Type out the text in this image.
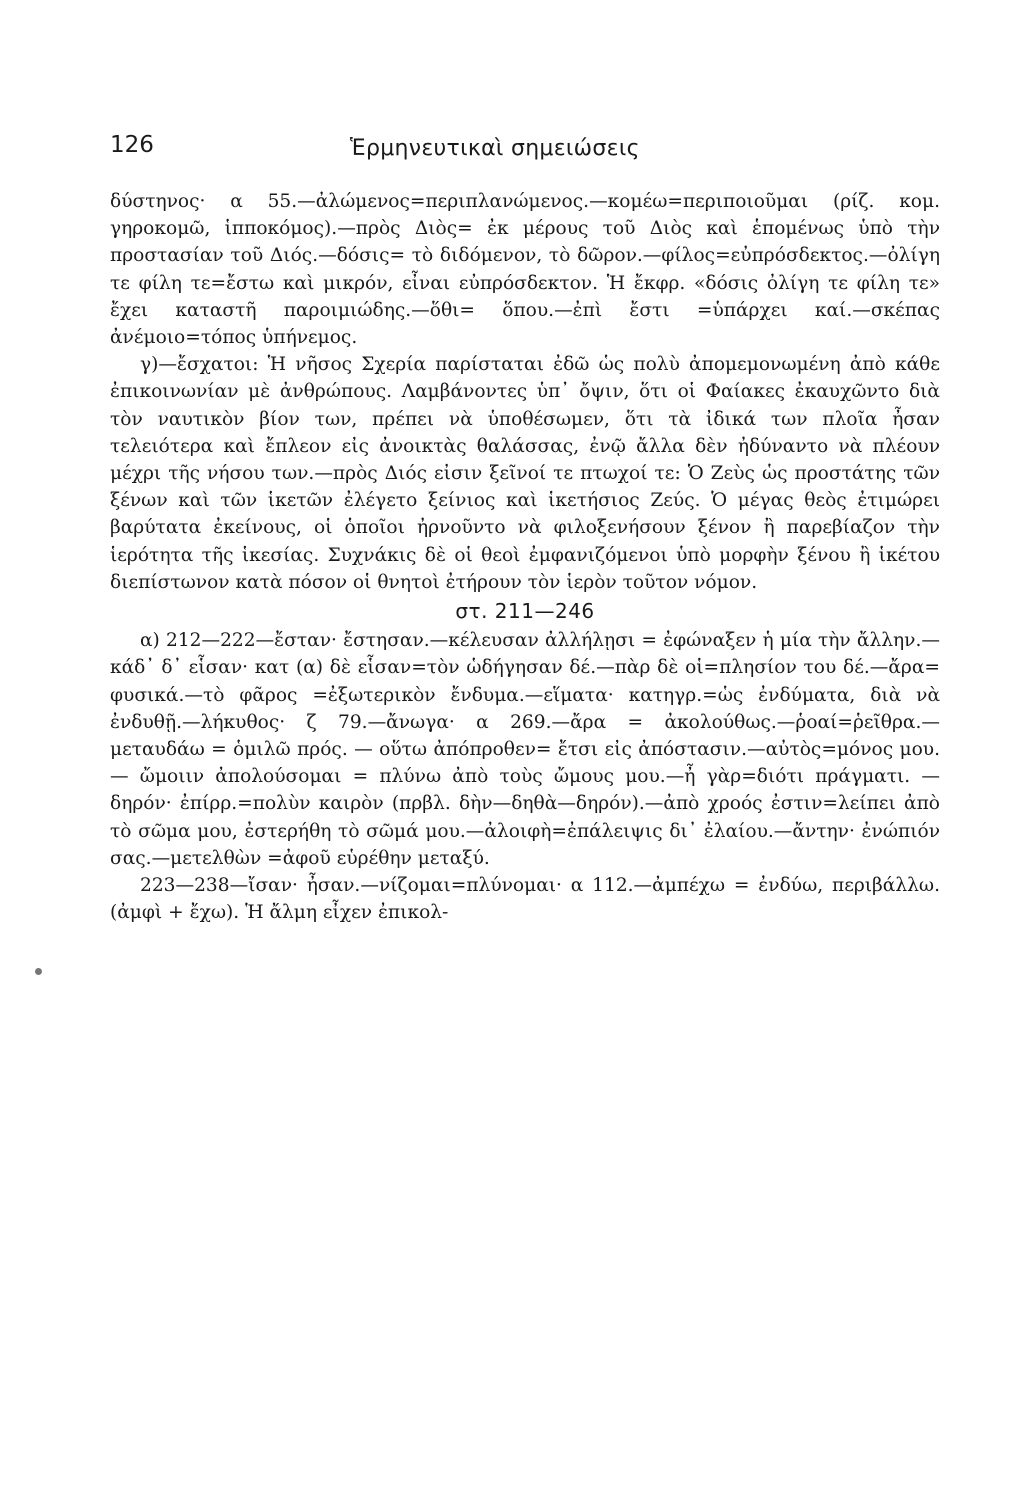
126	Ἑρμηνευτικαὶ σημειώσεις

δύστηνος· α 55.—ἀλώμενος=περιπλανώμενος.—κομέω=περιποιοῦμαι (ρίζ. κομ. γηροκομῶ, ἱπποκόμος).—πρὸς Διὸς= ἐκ μέρους τοῦ Διὸς καὶ ἑπομένως ὑπὸ τὴν προστασίαν τοῦ Διός.—δόσις= τὸ διδόμενον, τὸ δῶρον.—φίλος=εὐπρόσδεκτος.—ὀλίγη τε φίλη τε=ἔστω καὶ μικρόν, εἶναι εὐπρόσδεκτον. Ἡ ἔκφρ. «δόσις ὀλίγη τε φίλη τε» ἔχει καταστῆ παροιμιώδης.—ὅθι= ὅπου.—ἐπὶ ἔστι =ὑπάρχει καί.—σκέπας ἀνέμοιο=τόπος ὑπήνεμος.

γ)—ἔσχατοι: Ἡ νῆσος Σχερία παρίσταται ἐδῶ ὡς πολὺ ἀπομεμονωμένη ἀπὸ κάθε ἐπικοινωνίαν μὲ ἀνθρώπους. Λαμβάνοντες ὑπ᾽ ὄψιν, ὅτι οἱ Φαίακες ἐκαυχῶντο διὰ τὸν ναυτικὸν βίον των, πρέπει νὰ ὑποθέσωμεν, ὅτι τὰ ἰδικά των πλοῖα ἦσαν τελειότερα καὶ ἔπλεον εἰς ἀνοικτὰς θαλάσσας, ἐνῷ ἄλλα δὲν ἠδύναντο νὰ πλέουν μέχρι τῆς νήσου των.—πρὸς Διός εἰσιν ξεῖνοί τε πτωχοί τε: Ὁ Ζεὺς ὡς προστάτης τῶν ξένων καὶ τῶν ἱκετῶν ἐλέγετο ξείνιος καὶ ἱκετήσιος Ζεύς. Ὁ μέγας θεὸς ἐτιμώρει βαρύτατα ἐκείνους, οἱ ὁποῖοι ἠρνοῦντο νὰ φιλοξενήσουν ξένον ἢ παρεβίαζον τὴν ἱερότητα τῆς ἱκεσίας. Συχνάκις δὲ οἱ θεοὶ ἐμφανιζόμενοι ὑπὸ μορφὴν ξένου ἢ ἱκέτου διεπίστωνον κατὰ πόσον οἱ θνητοὶ ἐτήρουν τὸν ἱερὸν τοῦτον νόμον.

στ. 211—246

α) 212—222—ἔσταν· ἔστησαν.—κέλευσαν ἀλλήλῃσι = ἐφώναξεν ἡ μία τὴν ἄλλην.—κάδ᾽ δ᾽ εἷσαν· κατ (α) δὲ εἷσαν=τὸν ὡδήγησαν δέ.—πὰρ δὲ οἱ=πλησίον του δέ.—ἄρα= φυσικά.—τὸ φᾶρος =ἐξωτερικὸν ἔνδυμα.—εἵματα· κατηγρ.=ὡς ἐνδύματα, διὰ νὰ ἐνδυθῇ.—λήκυθος· ζ 79.—ἄνωγα· α 269.—ἄρα = ἀκολούθως.—ῥοαί=ῥεῖθρα.—μεταυδάω = ὁμιλῶ πρός. — οὕτω ἀπόπροθεν= ἔτσι εἰς ἀπόστασιν.—αὐτὸς=μόνος μου. — ὤμοιιν ἀπολούσομαι = πλύνω ἀπὸ τοὺς ὤμους μου.—ἦ γὰρ=διότι πράγματι. — δηρόν· ἐπίρρ.=πολὺν καιρὸν (πρβλ. δὴν—δηθὰ—δηρόν).—ἀπὸ χροός ἐστιν=λείπει ἀπὸ τὸ σῶμα μου, ἐστερήθη τὸ σῶμά μου.—ἀλοιφὴ=ἐπάλειψις δι᾽ ἐλαίου.—ἄντην· ἐνώπιόν σας.—μετελθὼν =ἀφοῦ εὑρέθην μεταξύ.

223—238—ἴσαν· ἦσαν.—νίζομαι=πλύνομαι· α 112.—ἀμπέχω = ἐνδύω, περιβάλλω. (ἀμφὶ + ἔχω). Ἡ ἄλμη εἶχεν ἐπικολ-
